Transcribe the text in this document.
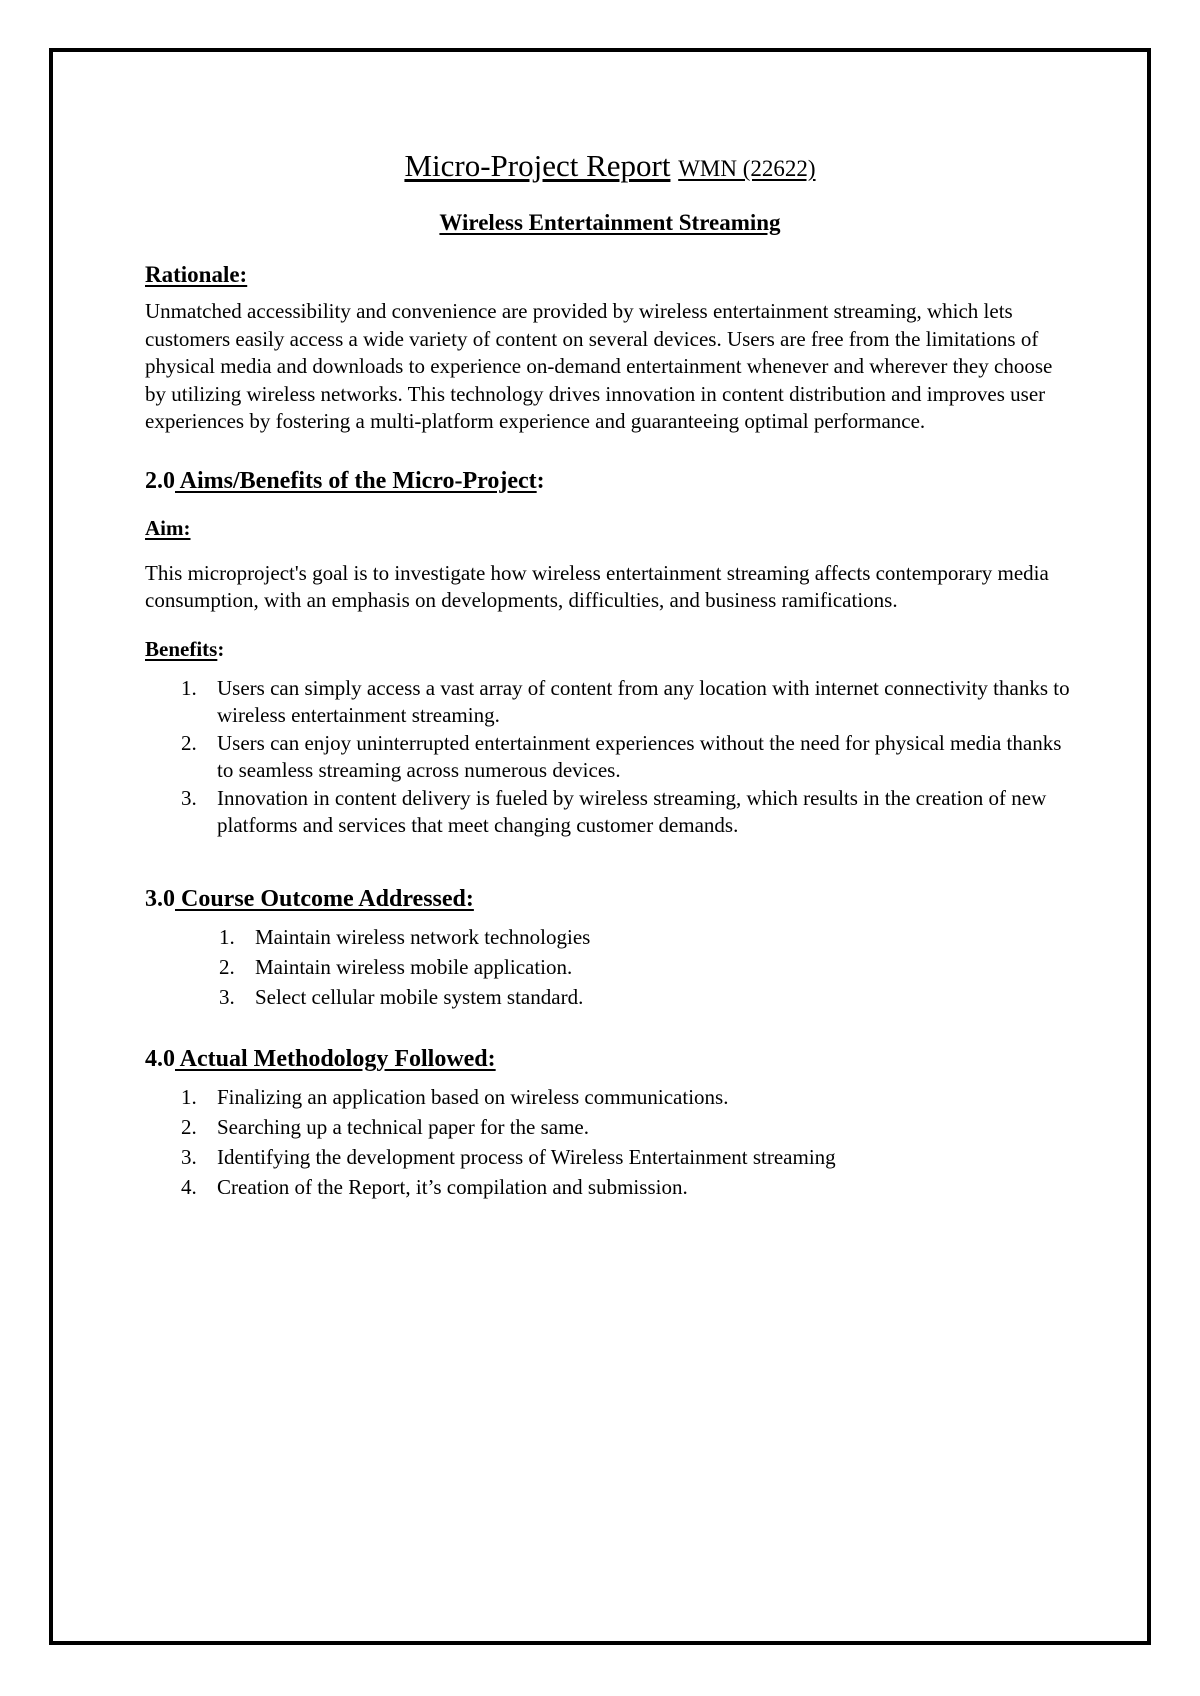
Micro-Project Report WMN (22622)
Wireless Entertainment Streaming
Rationale:

Unmatched accessibility and convenience are provided by wireless entertainment streaming, which lets customers easily access a wide variety of content on several devices. Users are free from the limitations of physical media and downloads to experience on-demand entertainment whenever and wherever they choose by utilizing wireless networks. This technology drives innovation in content distribution and improves user experiences by fostering a multi-platform experience and guaranteeing optimal performance.

2.0 Aims/Benefits of the Micro-Project:
Aim:

This microproject's goal is to investigate how wireless entertainment streaming affects contemporary media consumption, with an emphasis on developments, difficulties, and business ramifications.

Benefits:
1. Users can simply access a vast array of content from any location with internet connectivity thanks to wireless entertainment streaming.
2. Users can enjoy uninterrupted entertainment experiences without the need for physical media thanks to seamless streaming across numerous devices.
3. Innovation in content delivery is fueled by wireless streaming, which results in the creation of new platforms and services that meet changing customer demands.
3.0 Course Outcome Addressed:
1. Maintain wireless network technologies
2. Maintain wireless mobile application.
3. Select cellular mobile system standard.
4.0 Actual Methodology Followed:
1. Finalizing an application based on wireless communications.
2. Searching up a technical paper for the same.
3. Identifying the development process of Wireless Entertainment streaming
4. Creation of the Report, it’s compilation and submission.
